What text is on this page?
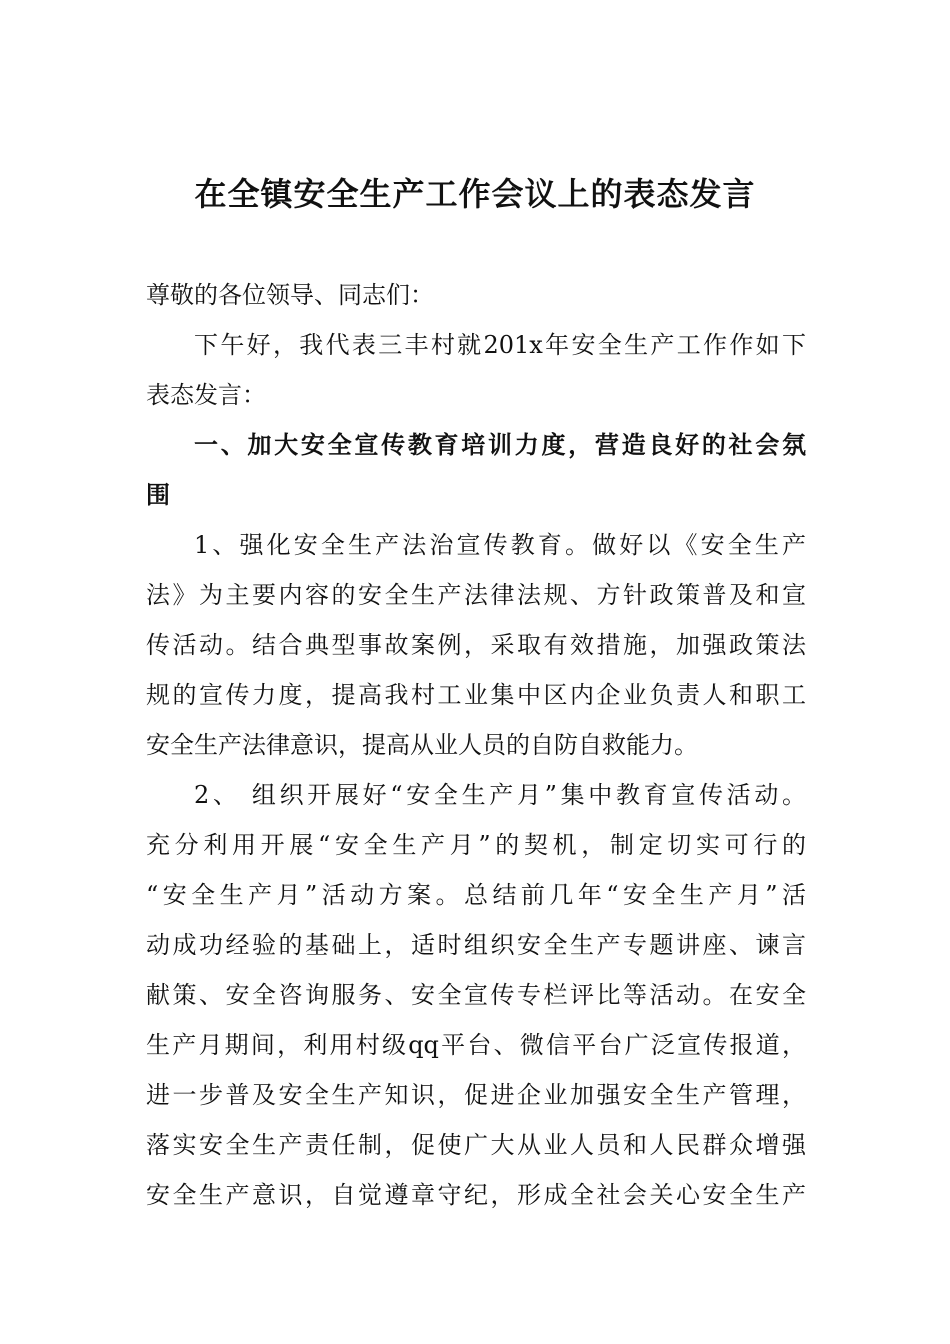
在全镇安全生产工作会议上的表态发言
尊敬的各位领导、同志们：
下午好，我代表三丰村就201x年安全生产工作作如下
表态发言：
一、加大安全宣传教育培训力度，营造良好的社会氛
围
1、强化安全生产法治宣传教育。做好以《安全生产
法》为主要内容的安全生产法律法规、方针政策普及和宣
传活动。结合典型事故案例，采取有效措施，加强政策法
规的宣传力度，提高我村工业集中区内企业负责人和职工
安全生产法律意识，提高从业人员的自防自救能力。
2、 组织开展好“安全生产月”集中教育宣传活动。
充分利用开展“安全生产月”的契机，制定切实可行的
“安全生产月”活动方案。总结前几年“安全生产月”活
动成功经验的基础上，适时组织安全生产专题讲座、谏言
献策、安全咨询服务、安全宣传专栏评比等活动。在安全
生产月期间，利用村级qq平台、微信平台广泛宣传报道，
进一步普及安全生产知识，促进企业加强安全生产管理，
落实安全生产责任制，促使广大从业人员和人民群众增强
安全生产意识，自觉遵章守纪，形成全社会关心安全生产
